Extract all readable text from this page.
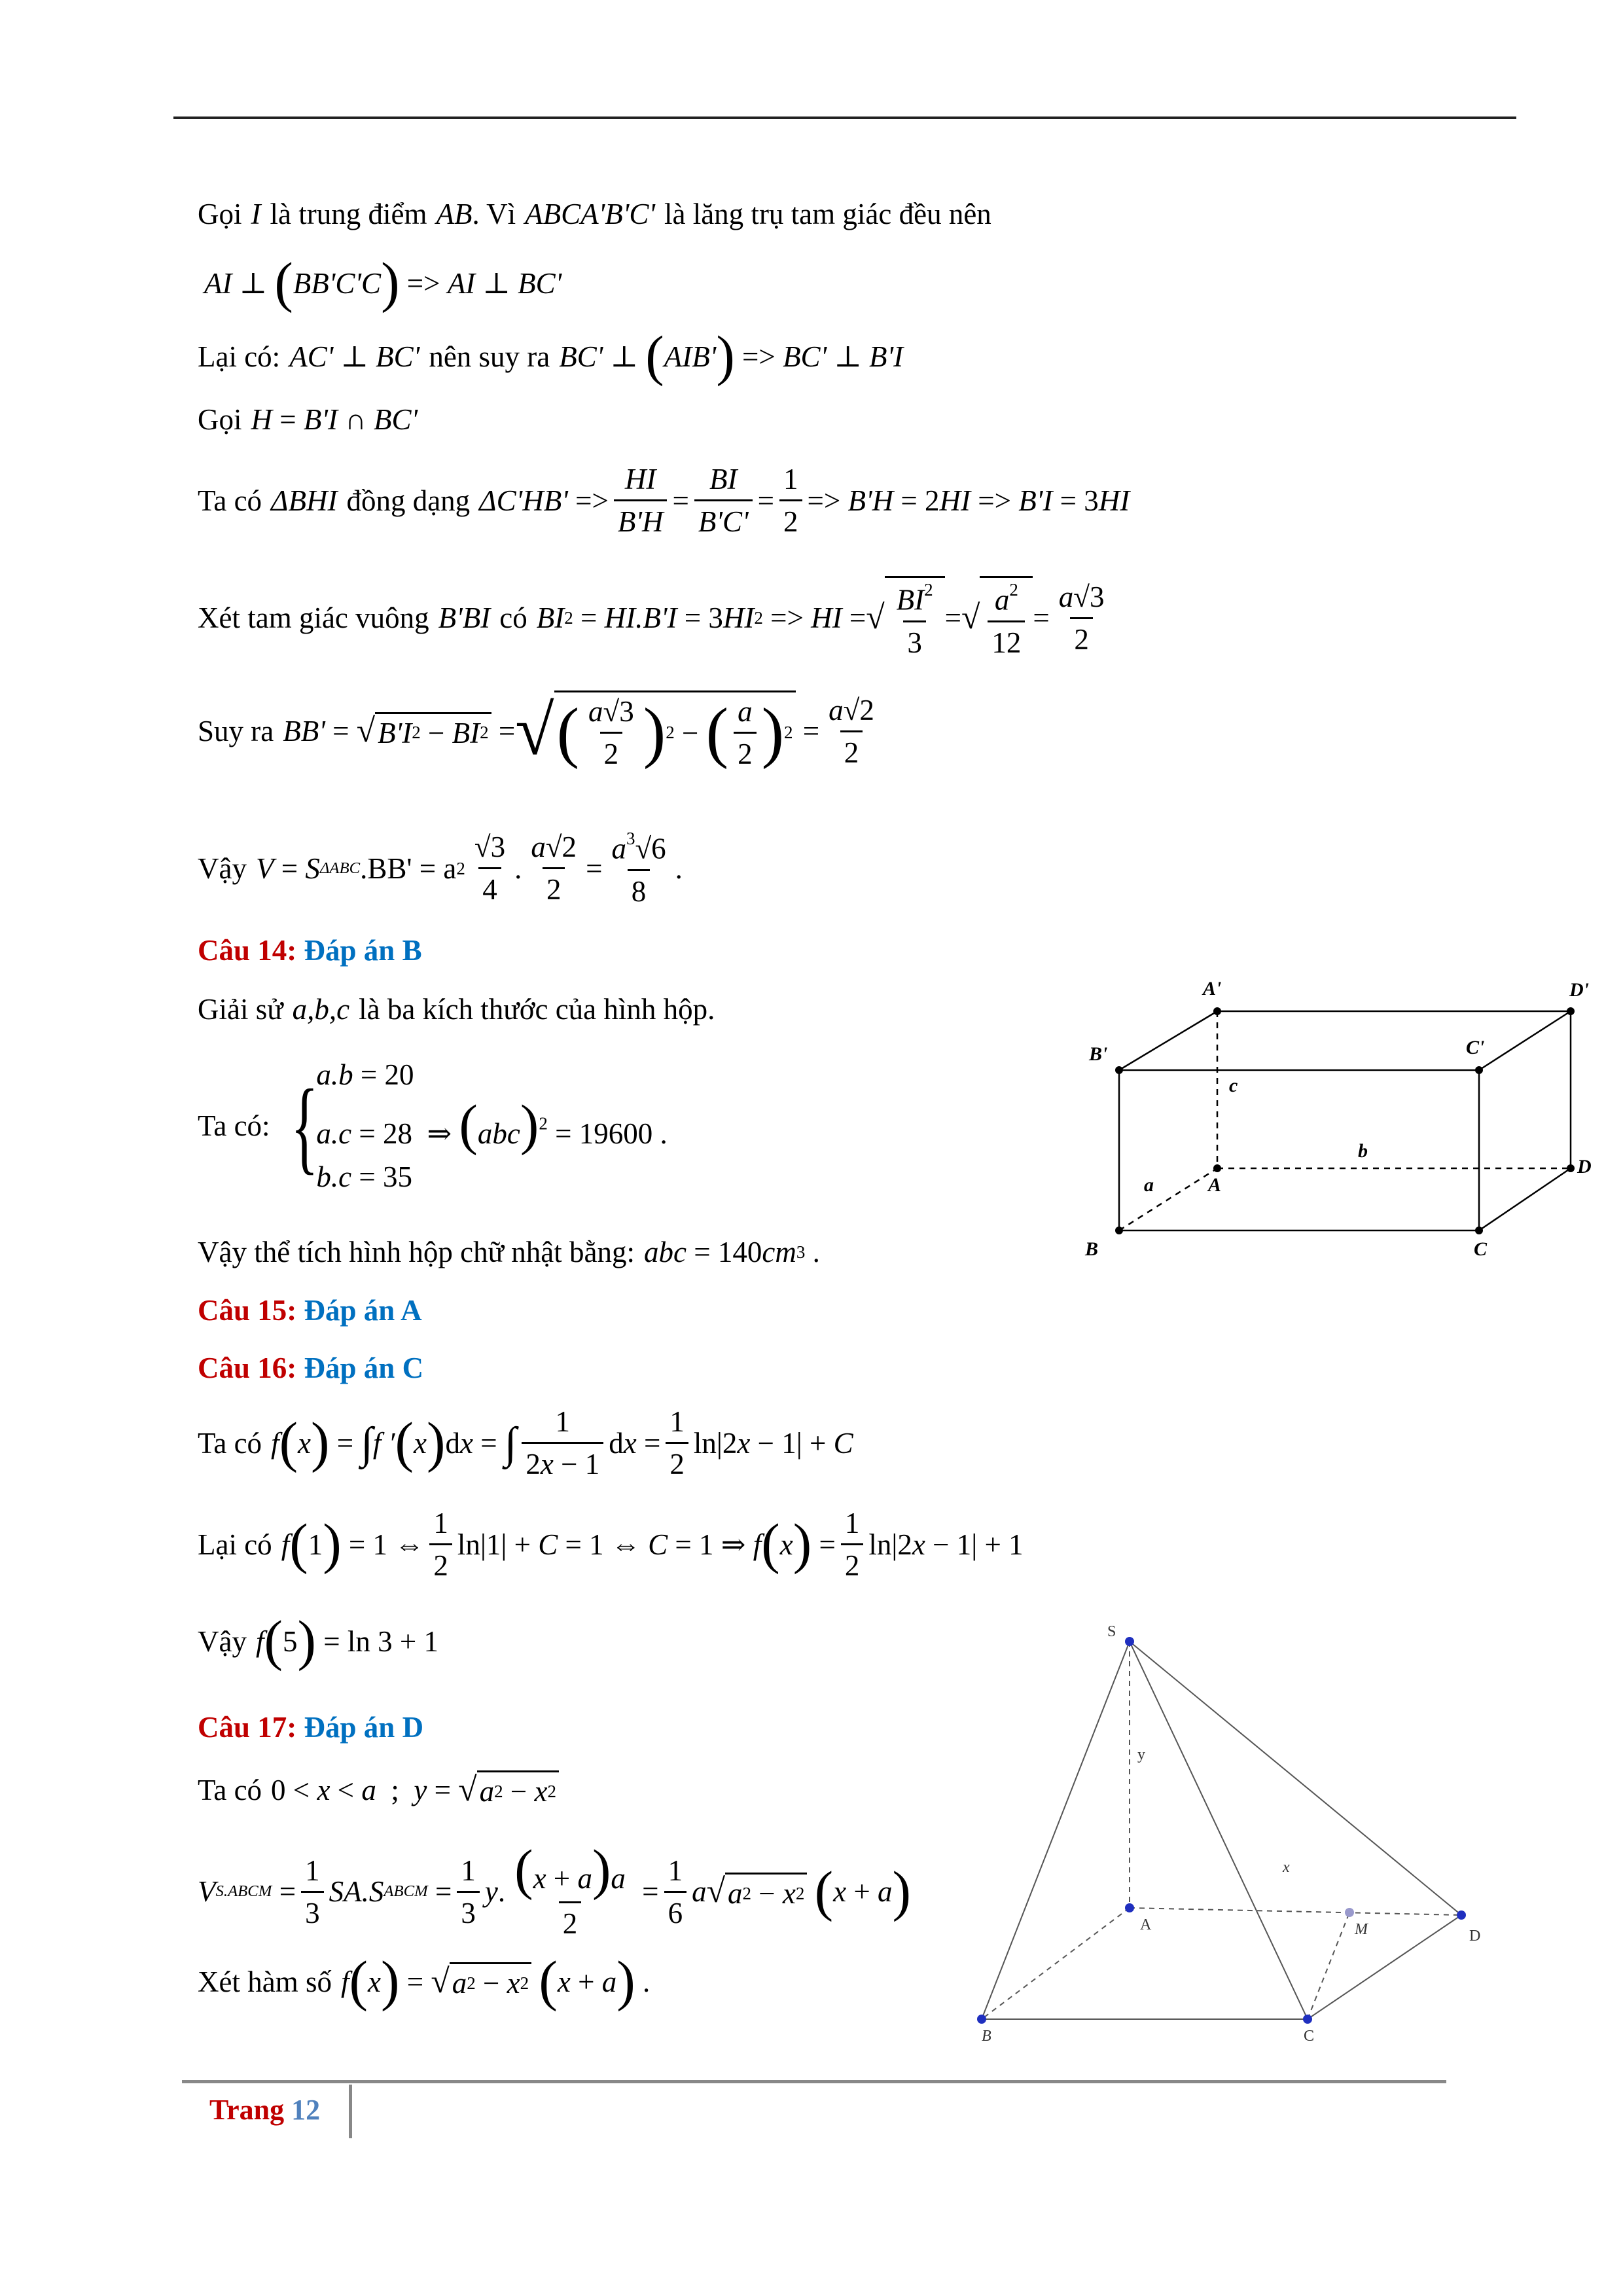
Gọi I là trung điểm AB . Vì ABCA'B'C' là lăng trụ tam giác đều nên
AI ⊥ ( BB'C'C ) => AI ⊥ BC'
Lại có: AC' ⊥ BC' nên suy ra BC' ⊥ ( AIB' ) => BC' ⊥ B'I
Gọi H = B'I ∩ BC'
Ta có ΔBHI đồng dạng $\Delta C'HB' => \frac{HI}{B'H} = \frac{BI}{B'C'} = \frac{1}{2} => B'H = 2$ HI => B'I = 3 HI
Xét tam giác vuông B'BI có BI 2 = HI.B'I = 3 HI 2 => HI = √ $\frac{BI^2}{3}$ = √ $\frac{a^2}{12} = \frac{a√3}{2}$
Suy ra BB' = √ B'I 2 − BI 2 = √ ( $\frac{a√3}{2}$ ) 2 − ( $\frac{a}{2}$ ) $2 = \frac{a√2}{2}$
Vậy V = S ΔABC .BB' = a $2 \frac{√3}{4}$ . $\frac{a√2}{2} = \frac{a^3√6}{8}$ .
Câu 14:
Đáp án B
Giải sử a,b,c là ba kích thước của hình hộp.
Ta có: {
a.b = 20
a.c = 28  ⇒ (abc)$^2$ = 19600 .
b.c = 35
Vậy thể tích hình hộp chữ nhật bằng: abc = 140 cm 3 .
A'	D'
B'	C'
c
b
a	A
D
B	C
Câu 15:
Đáp án A
Câu 16:
Đáp án C
Ta có f ( x ) = ∫ f ′ ( x ) d x = ∫ $\frac{1}{2x - 1}$ d $x = \frac{1}{2} \ln|2$ x − 1| + C
Lại có f ( 1 ) = 1 ⇔ $\frac{1}{2} \ln|1| + C = 1$ ⇔ C = 1 ⇒ f ( x ) = $\frac{1}{2} \ln|2$ x − 1| + 1
Vậy f ( 5 ) = ln 3 + 1
Câu 17:
Đáp án D
Ta có 0 < x < a ; y = √ a 2 − x 2
V S.ABCM = $\frac{1}{3} SA.S$ ABCM = $\frac{1}{3}$ y . $\frac{(x + a)a}{2} = \frac{1}{6}$ a √ a 2 − x 2
( x + a )
Xét hàm số f ( x ) = √ a 2 − x 2
( x + a ) .
S
y
x
A	M	D
B	C
Trang 12
